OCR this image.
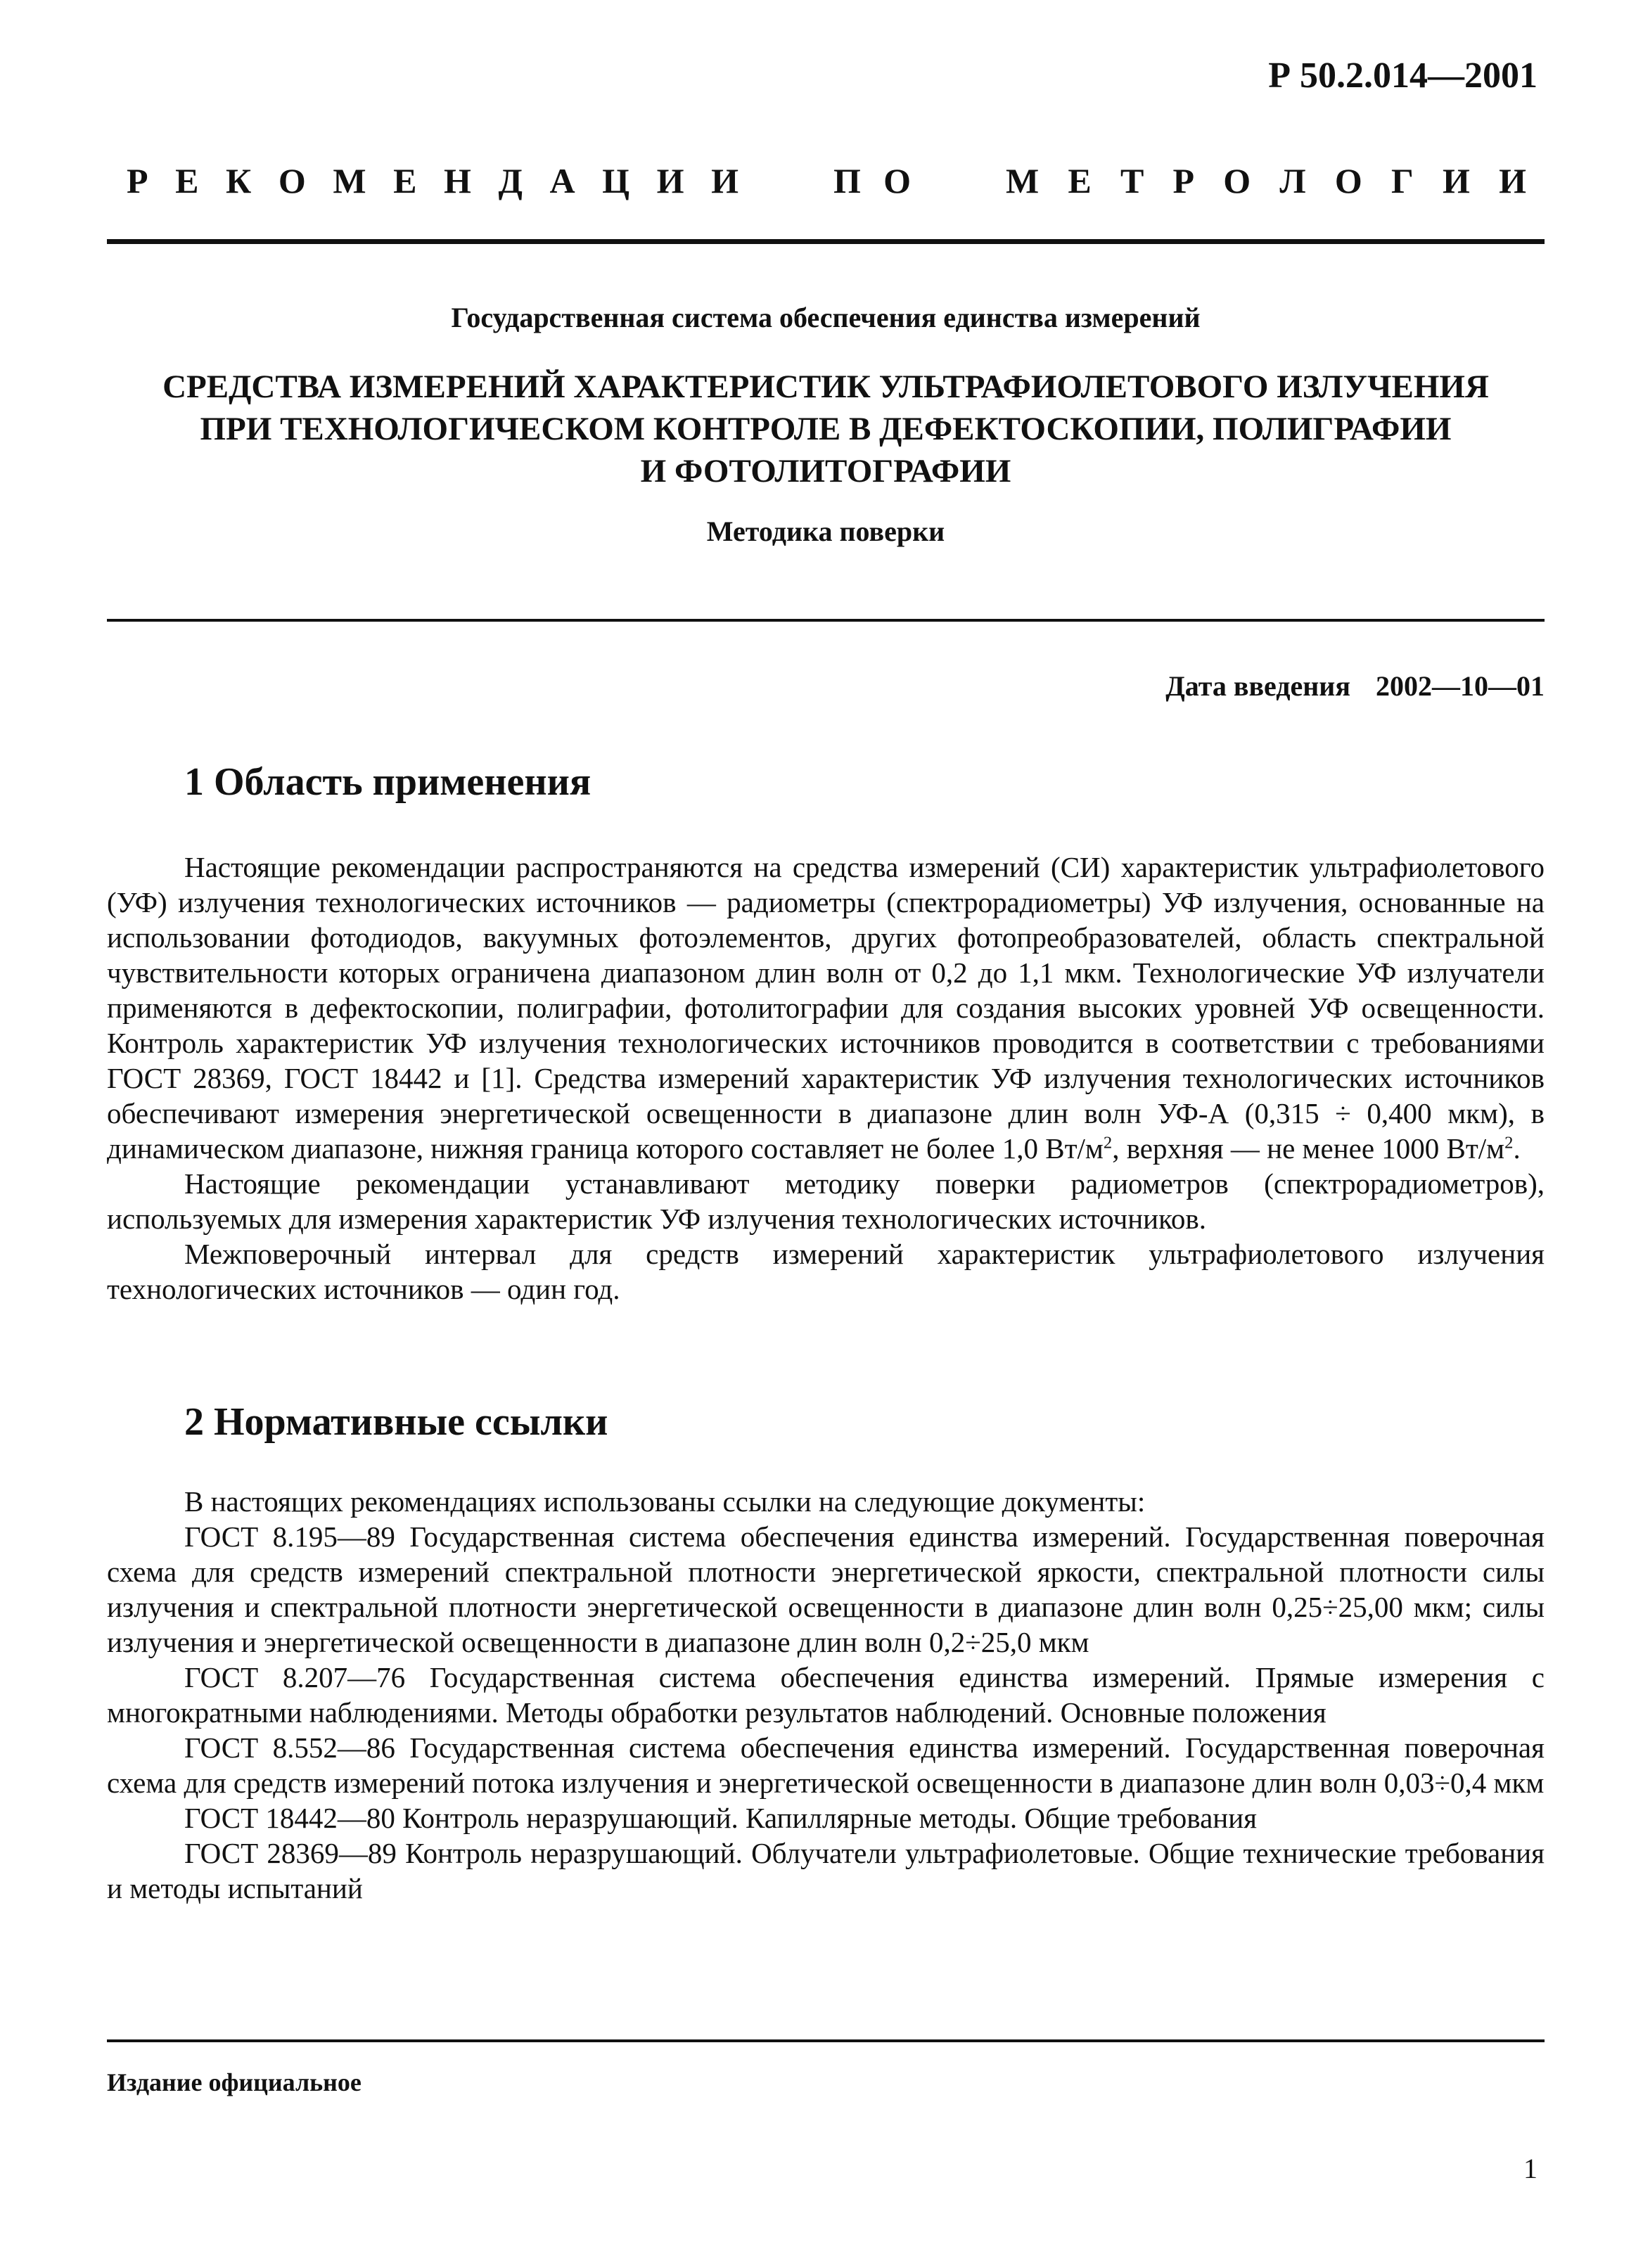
Р 50.2.014—2001
Р Е К О М Е Н Д А Ц И И	П О	М Е Т Р О Л О Г И И
Государственная система обеспечения единства измерений
СРЕДСТВА ИЗМЕРЕНИЙ ХАРАКТЕРИСТИК УЛЬТРАФИОЛЕТОВОГО ИЗЛУЧЕНИЯ
ПРИ ТЕХНОЛОГИЧЕСКОМ КОНТРОЛЕ В ДЕФЕКТОСКОПИИ, ПОЛИГРАФИИ
И ФОТОЛИТОГРАФИИ
Методика поверки
Дата введения 2002—10—01
1 Область применения

Настоящие рекомендации распространяются на средства измерений (СИ) характеристик ультрафиолетового (УФ) излучения технологических источников — радиометры (спектрорадиометры) УФ излучения, основанные на использовании фотодиодов, вакуумных фотоэлементов, других фотопреобразователей, область спектральной чувствительности которых ограничена диапазоном длин волн от 0,2 до 1,1 мкм. Технологические УФ излучатели применяются в дефектоскопии, полиграфии, фотолитографии для создания высоких уровней УФ освещенности. Контроль характеристик УФ излучения технологических источников проводится в соответствии с требованиями ГОСТ 28369, ГОСТ 18442 и [1]. Средства измерений характеристик УФ излучения технологических источников обеспечивают измерения энергетической освещенности в диапазоне длин волн УФ-А (0,315 ÷ 0,400 мкм), в динамическом диапазоне, нижняя граница которого составляет не более 1,0 $Вт/м^2$, верхняя — не менее 1000 $Вт/м^2$.

Настоящие рекомендации устанавливают методику поверки радиометров (спектрорадиометров), используемых для измерения характеристик УФ излучения технологических источников.

Межповерочный интервал для средств измерений характеристик ультрафиолетового излучения технологических источников — один год.

2 Нормативные ссылки

В настоящих рекомендациях использованы ссылки на следующие документы:

ГОСТ 8.195—89 Государственная система обеспечения единства измерений. Государственная поверочная схема для средств измерений спектральной плотности энергетической яркости, спектральной плотности силы излучения и спектральной плотности энергетической освещенности в диапазоне длин волн 0,25÷25,00 мкм; силы излучения и энергетической освещенности в диапазоне длин волн 0,2÷25,0 мкм

ГОСТ 8.207—76 Государственная система обеспечения единства измерений. Прямые измерения с многократными наблюдениями. Методы обработки результатов наблюдений. Основные положения

ГОСТ 8.552—86 Государственная система обеспечения единства измерений. Государственная поверочная схема для средств измерений потока излучения и энергетической освещенности в диапазоне длин волн 0,03÷0,4 мкм

ГОСТ 18442—80 Контроль неразрушающий. Капиллярные методы. Общие требования

ГОСТ 28369—89 Контроль неразрушающий. Облучатели ультрафиолетовые. Общие технические требования и методы испытаний

Издание официальное
1
